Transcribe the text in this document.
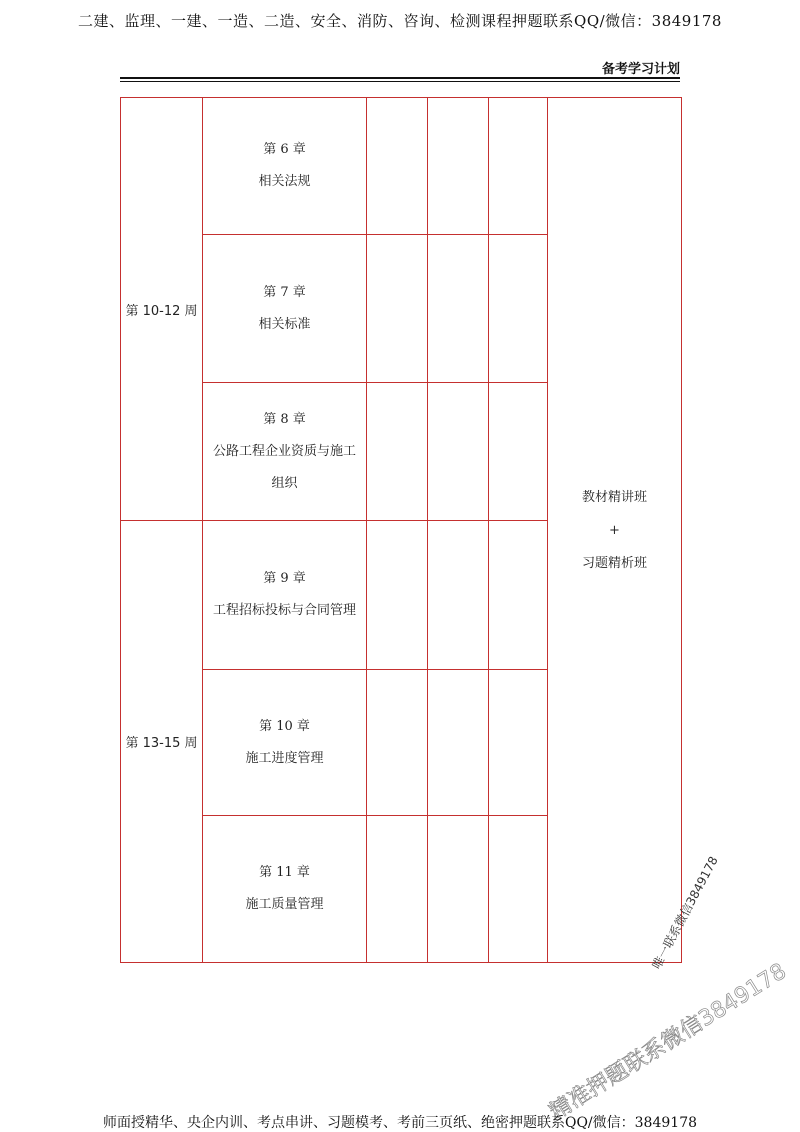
二建、监理、一建、一造、二造、安全、消防、咨询、检测课程押题联系QQ/微信：3849178
备考学习计划
第 10-12 周	第 6 章
相关法规				教材精讲班
+
习题精析班

	第 7 章
相关标准				

	第 8 章
公路工程企业资质与施工组织				

第 13-15 周	第 9 章
工程招标投标与合同管理				

	第 10 章
施工进度管理				

	第 11 章
施工质量管理				
				唯一联系微信3849178
精准押题联系微信3849178
师面授精华、央企内训、考点串讲、习题模考、考前三页纸、绝密押题联系QQ/微信：3849178
